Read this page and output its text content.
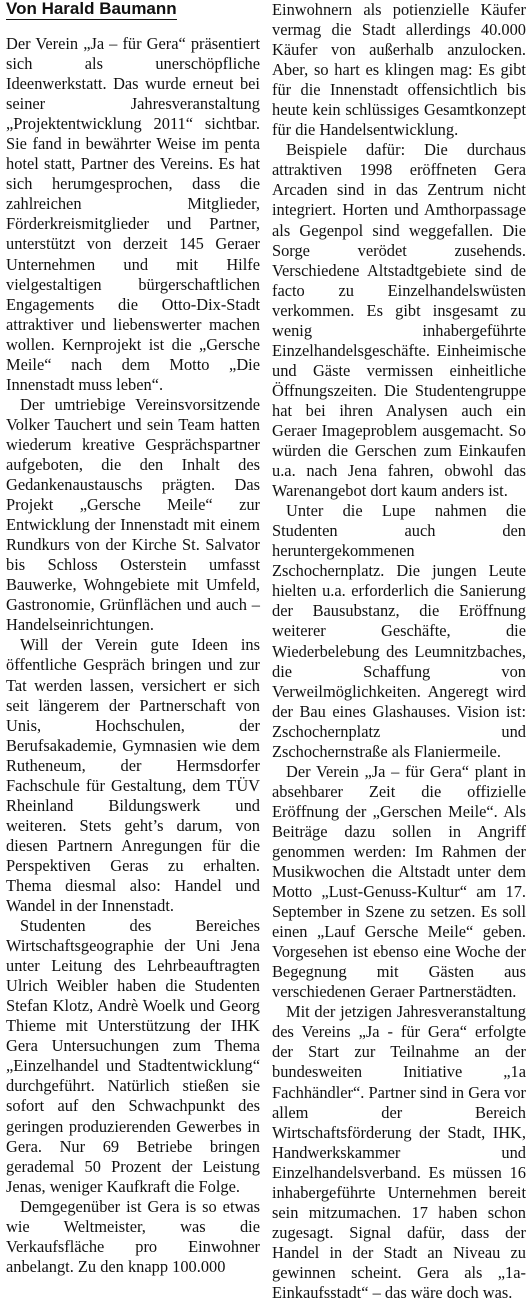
Von Harald Baumann

Der Verein „Ja – für Gera“ präsentiert sich als unerschöpfliche Ideenwerkstatt. Das wurde erneut bei seiner Jahresveranstaltung „Projektentwicklung 2011“ sichtbar. Sie fand in bewährter Weise im penta hotel statt, Partner des Vereins. Es hat sich herumgesprochen, dass die zahlreichen Mitglieder, Förderkreismitglieder und Partner, unterstützt von derzeit 145 Geraer Unternehmen und mit Hilfe vielgestaltigen bürgerschaftlichen Engagements die Otto-Dix-Stadt attraktiver und liebenswerter machen wollen. Kernprojekt ist die „Gersche Meile“ nach dem Motto „Die Innenstadt muss leben“.

Der umtriebige Vereinsvorsitzende Volker Tauchert und sein Team hatten wiederum kreative Gesprächspartner aufgeboten, die den Inhalt des Gedankenaustauschs prägten. Das Projekt „Gersche Meile“ zur Entwicklung der Innenstadt mit einem Rundkurs von der Kirche St. Salvator bis Schloss Osterstein umfasst Bauwerke, Wohngebiete mit Umfeld, Gastronomie, Grünflächen und auch – Handelseinrichtungen.

Will der Verein gute Ideen ins öffentliche Gespräch bringen und zur Tat werden lassen, versichert er sich seit längerem der Partnerschaft von Unis, Hochschulen, der Berufsakademie, Gymnasien wie dem Rutheneum, der Hermsdorfer Fachschule für Gestaltung, dem TÜV Rheinland Bildungswerk und weiteren. Stets geht’s darum, von diesen Partnern Anregungen für die Perspektiven Geras zu erhalten. Thema diesmal also: Handel und Wandel in der Innenstadt.

Studenten des Bereiches Wirtschaftsgeographie der Uni Jena unter Leitung des Lehrbeauftragten Ulrich Weibler haben die Studenten Stefan Klotz, Andrè Woelk und Georg Thieme mit Unterstützung der IHK Gera Untersuchungen zum Thema „Einzelhandel und Stadtentwicklung“ durchgeführt. Natürlich stießen sie sofort auf den Schwachpunkt des geringen produzierenden Gewerbes in Gera. Nur 69 Betriebe bringen gerademal 50 Prozent der Leistung Jenas, weniger Kaufkraft die Folge.

Demgegenüber ist Gera is so etwas wie Weltmeister, was die Verkaufsfläche pro Einwohner anbelangt. Zu den knapp 100.000

Einwohnern als potienzielle Käufer vermag die Stadt allerdings 40.000 Käufer von außerhalb anzulocken. Aber, so hart es klingen mag: Es gibt für die Innenstadt offensichtlich bis heute kein schlüssiges Gesamtkonzept für die Handelsentwicklung.

Beispiele dafür: Die durchaus attraktiven 1998 eröffneten Gera Arcaden sind in das Zentrum nicht integriert. Horten und Amthorpassage als Gegenpol sind weggefallen. Die Sorge verödet zusehends. Verschiedene Altstadtgebiete sind de facto zu Einzelhandelswüsten verkommen. Es gibt insgesamt zu wenig inhabergeführte Einzelhandelsgeschäfte. Einheimische und Gäste vermissen einheitliche Öffnungszeiten. Die Studentengruppe hat bei ihren Analysen auch ein Geraer Imageproblem ausgemacht. So würden die Gerschen zum Einkaufen u.a. nach Jena fahren, obwohl das Warenangebot dort kaum anders ist.

Unter die Lupe nahmen die Studenten auch den heruntergekommenen Zschochernplatz. Die jungen Leute hielten u.a. erforderlich die Sanierung der Bausubstanz, die Eröffnung weiterer Geschäfte, die Wiederbelebung des Leumnitzbaches, die Schaffung von Verweilmöglichkeiten. Angeregt wird der Bau eines Glashauses. Vision ist: Zschochernplatz und Zschochernstraße als Flaniermeile.

Der Verein „Ja – für Gera“ plant in absehbarer Zeit die offizielle Eröffnung der „Gerschen Meile“. Als Beiträge dazu sollen in Angriff genommen werden: Im Rahmen der Musikwochen die Altstadt unter dem Motto „Lust-Genuss-Kultur“ am 17. September in Szene zu setzen. Es soll einen „Lauf Gersche Meile“ geben. Vorgesehen ist ebenso eine Woche der Begegnung mit Gästen aus verschiedenen Geraer Partnerstädten.

Mit der jetzigen Jahresveranstaltung des Vereins „Ja - für Gera“ erfolgte der Start zur Teilnahme an der bundesweiten Initiative „1a Fachhändler“. Partner sind in Gera vor allem der Bereich Wirtschaftsförderung der Stadt, IHK, Handwerkskammer und Einzelhandelsverband. Es müssen 16 inhabergeführte Unternehmen bereit sein mitzumachen. 17 haben schon zugesagt. Signal dafür, dass der Handel in der Stadt an Niveau zu gewinnen scheint. Gera als „1a-Einkaufsstadt“ – das wäre doch was.
